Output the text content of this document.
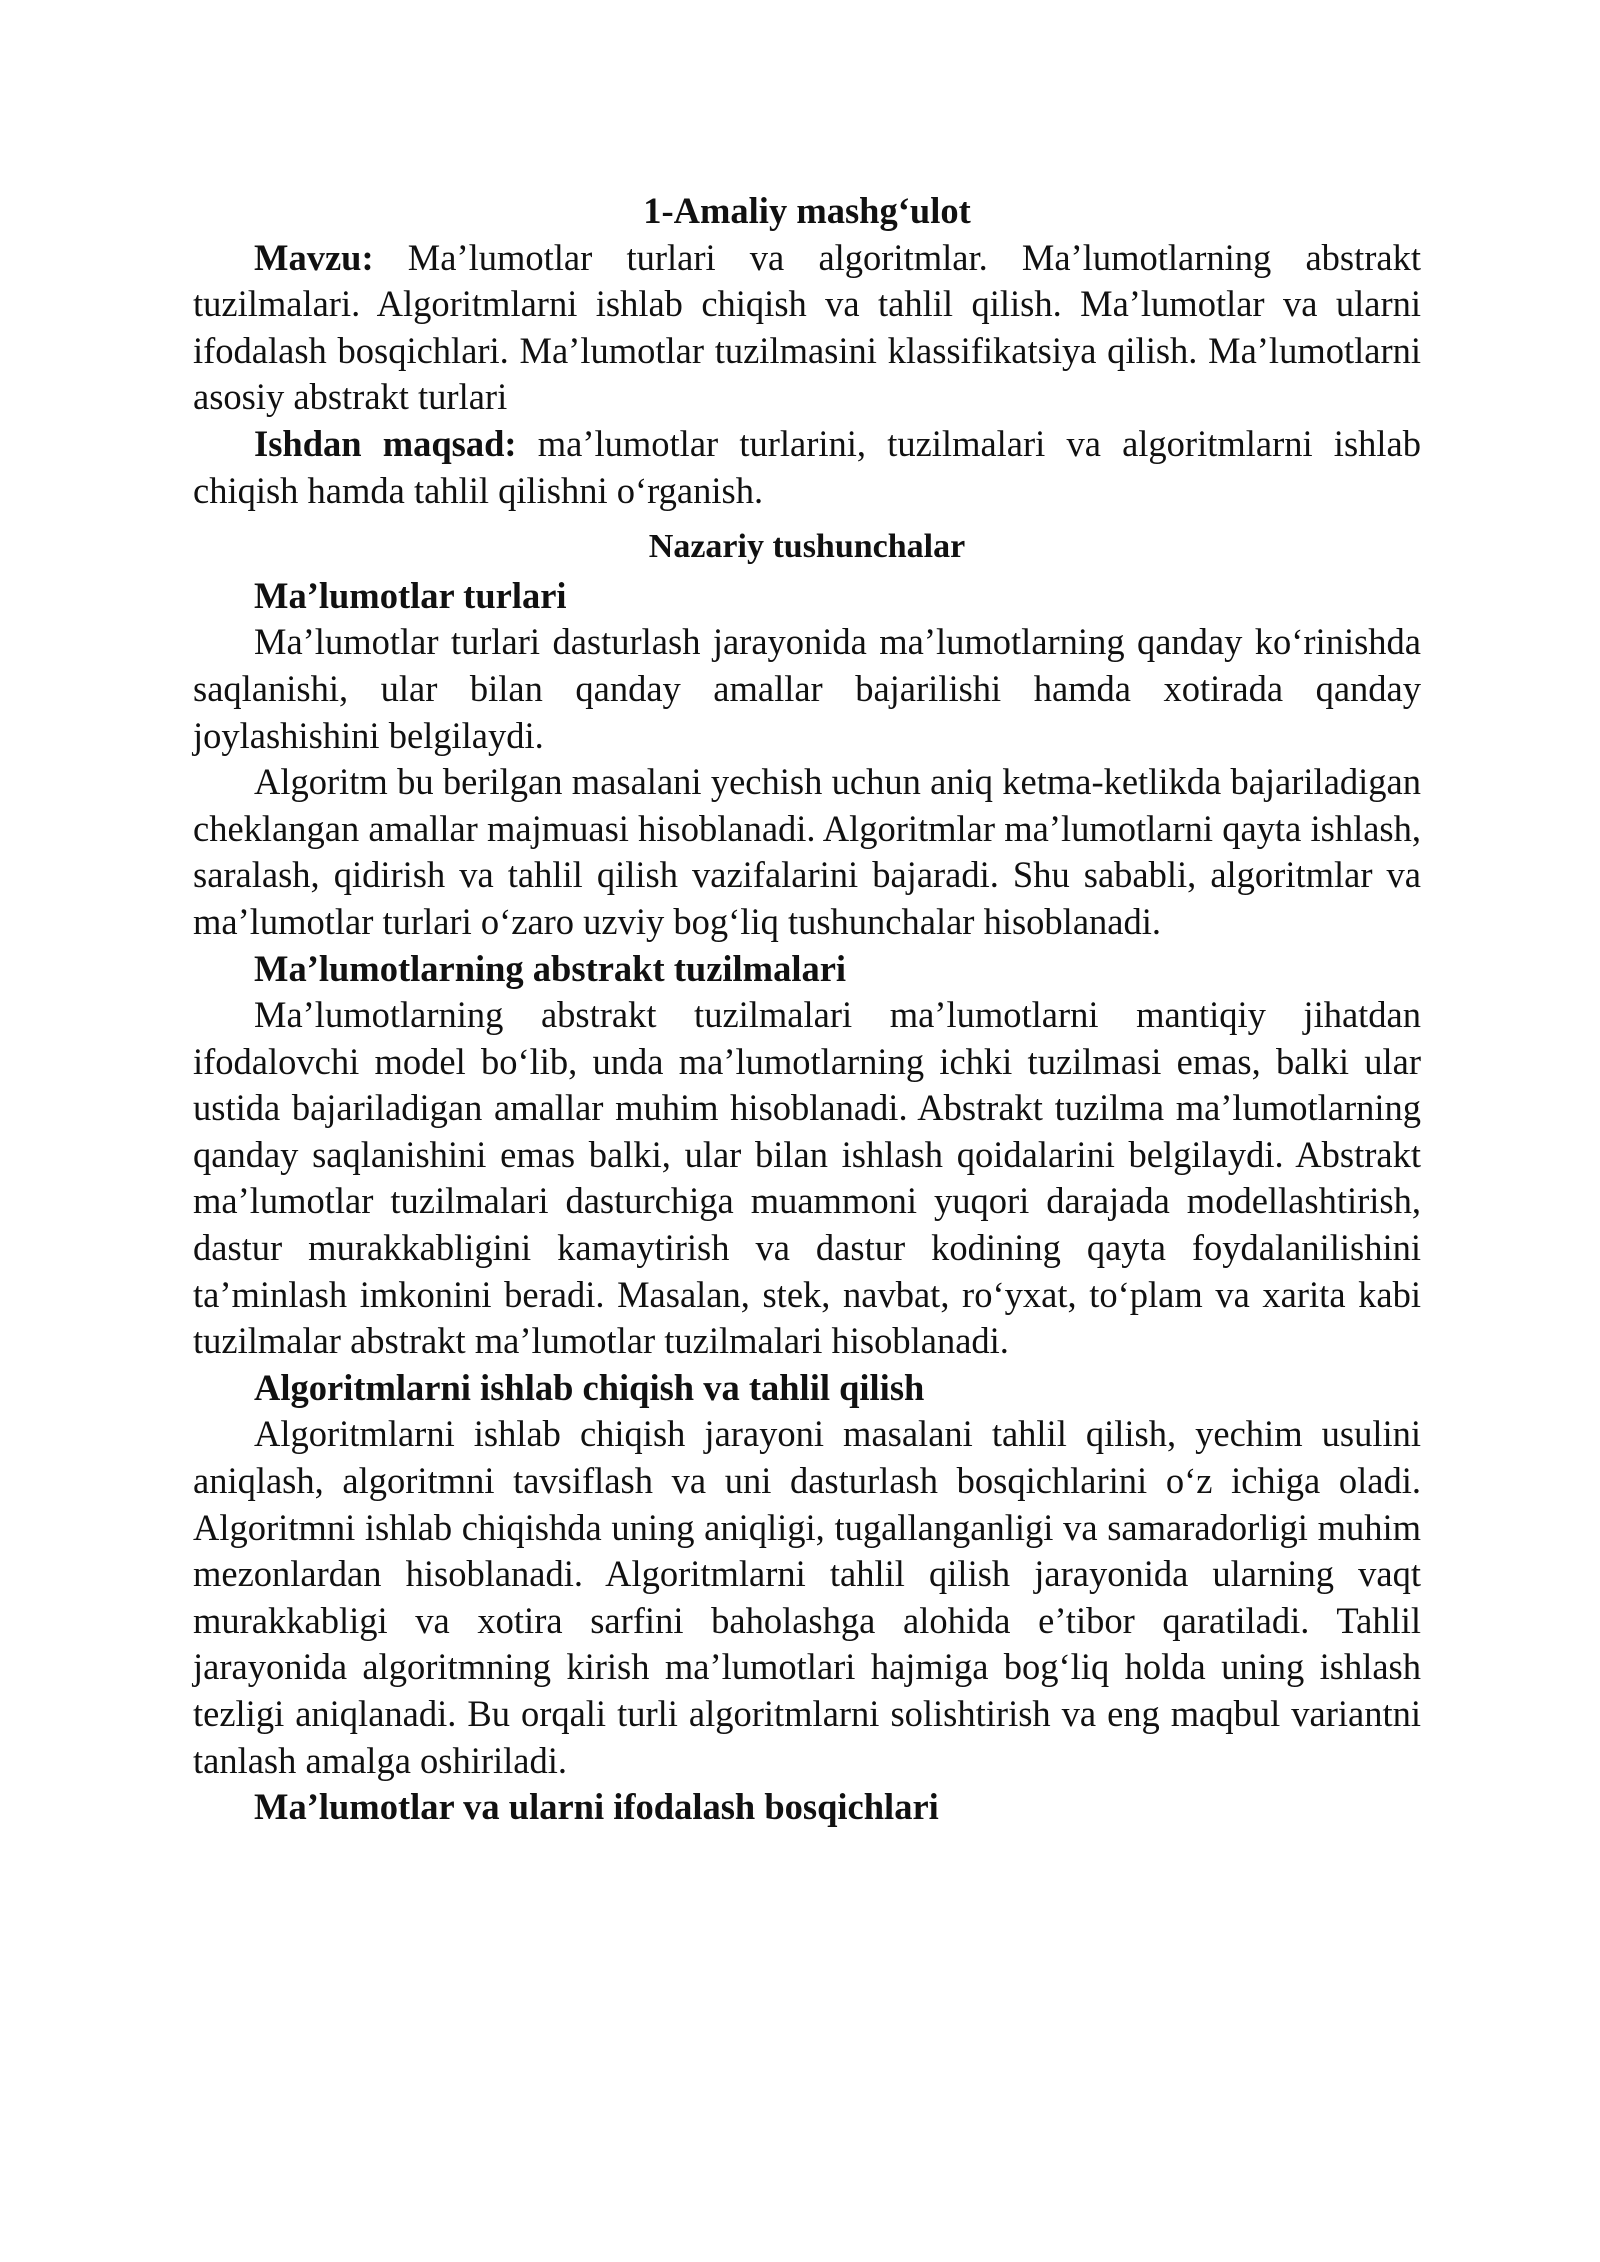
1-Amaliy mashg‘ulot

Mavzu: Ma’lumotlar turlari va algoritmlar. Ma’lumotlarning abstrakt tuzilmalari. Algoritmlarni ishlab chiqish va tahlil qilish. Ma’lumotlar va ularni ifodalash bosqichlari. Ma’lumotlar tuzilmasini klassifikatsiya qilish. Ma’lumotlarni asosiy abstrakt turlari

Ishdan maqsad: ma’lumotlar turlarini, tuzilmalari va algoritmlarni ishlab chiqish hamda tahlil qilishni o‘rganish.

Nazariy tushunchalar

Ma’lumotlar turlari

Ma’lumotlar turlari dasturlash jarayonida ma’lumotlarning qanday ko‘rinishda saqlanishi, ular bilan qanday amallar bajarilishi hamda xotirada qanday joylashishini belgilaydi.

Algoritm bu berilgan masalani yechish uchun aniq ketma-ketlikda bajariladigan cheklangan amallar majmuasi hisoblanadi. Algoritmlar ma’lumotlarni qayta ishlash, saralash, qidirish va tahlil qilish vazifalarini bajaradi. Shu sababli, algoritmlar va ma’lumotlar turlari o‘zaro uzviy bog‘liq tushunchalar hisoblanadi.

Ma’lumotlarning abstrakt tuzilmalari

Ma’lumotlarning abstrakt tuzilmalari ma’lumotlarni mantiqiy jihatdan ifodalovchi model bo‘lib, unda ma’lumotlarning ichki tuzilmasi emas, balki ular ustida bajariladigan amallar muhim hisoblanadi. Abstrakt tuzilma ma’lumotlarning qanday saqlanishini emas balki, ular bilan ishlash qoidalarini belgilaydi. Abstrakt ma’lumotlar tuzilmalari dasturchiga muammoni yuqori darajada modellashtirish, dastur murakkabligini kamaytirish va dastur kodining qayta foydalanilishini ta’minlash imkonini beradi. Masalan, stek, navbat, ro‘yxat, to‘plam va xarita kabi tuzilmalar abstrakt ma’lumotlar tuzilmalari hisoblanadi.

Algoritmlarni ishlab chiqish va tahlil qilish

Algoritmlarni ishlab chiqish jarayoni masalani tahlil qilish, yechim usulini aniqlash, algoritmni tavsiflash va uni dasturlash bosqichlarini o‘z ichiga oladi. Algoritmni ishlab chiqishda uning aniqligi, tugallanganligi va samaradorligi muhim mezonlardan hisoblanadi. Algoritmlarni tahlil qilish jarayonida ularning vaqt murakkabligi va xotira sarfini baholashga alohida e’tibor qaratiladi. Tahlil jarayonida algoritmning kirish ma’lumotlari hajmiga bog‘liq holda uning ishlash tezligi aniqlanadi. Bu orqali turli algoritmlarni solishtirish va eng maqbul variantni tanlash amalga oshiriladi.

Ma’lumotlar va ularni ifodalash bosqichlari
